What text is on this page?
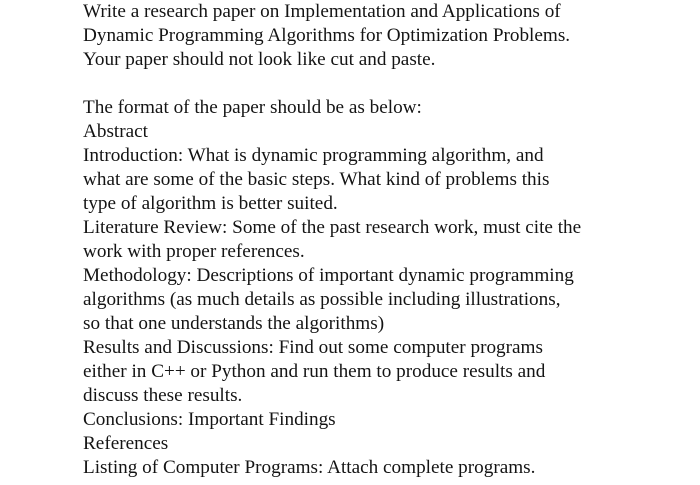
Write a research paper on Implementation and Applications of
Dynamic Programming Algorithms for Optimization Problems.
Your paper should not look like cut and paste.
The format of the paper should be as below:
Abstract
Introduction: What is dynamic programming algorithm, and
what are some of the basic steps. What kind of problems this
type of algorithm is better suited.
Literature Review: Some of the past research work, must cite the
work with proper references.
Methodology: Descriptions of important dynamic programming
algorithms (as much details as possible including illustrations,
so that one understands the algorithms)
Results and Discussions: Find out some computer programs
either in C++ or Python and run them to produce results and
discuss these results.
Conclusions: Important Findings
References
Listing of Computer Programs: Attach complete programs.
